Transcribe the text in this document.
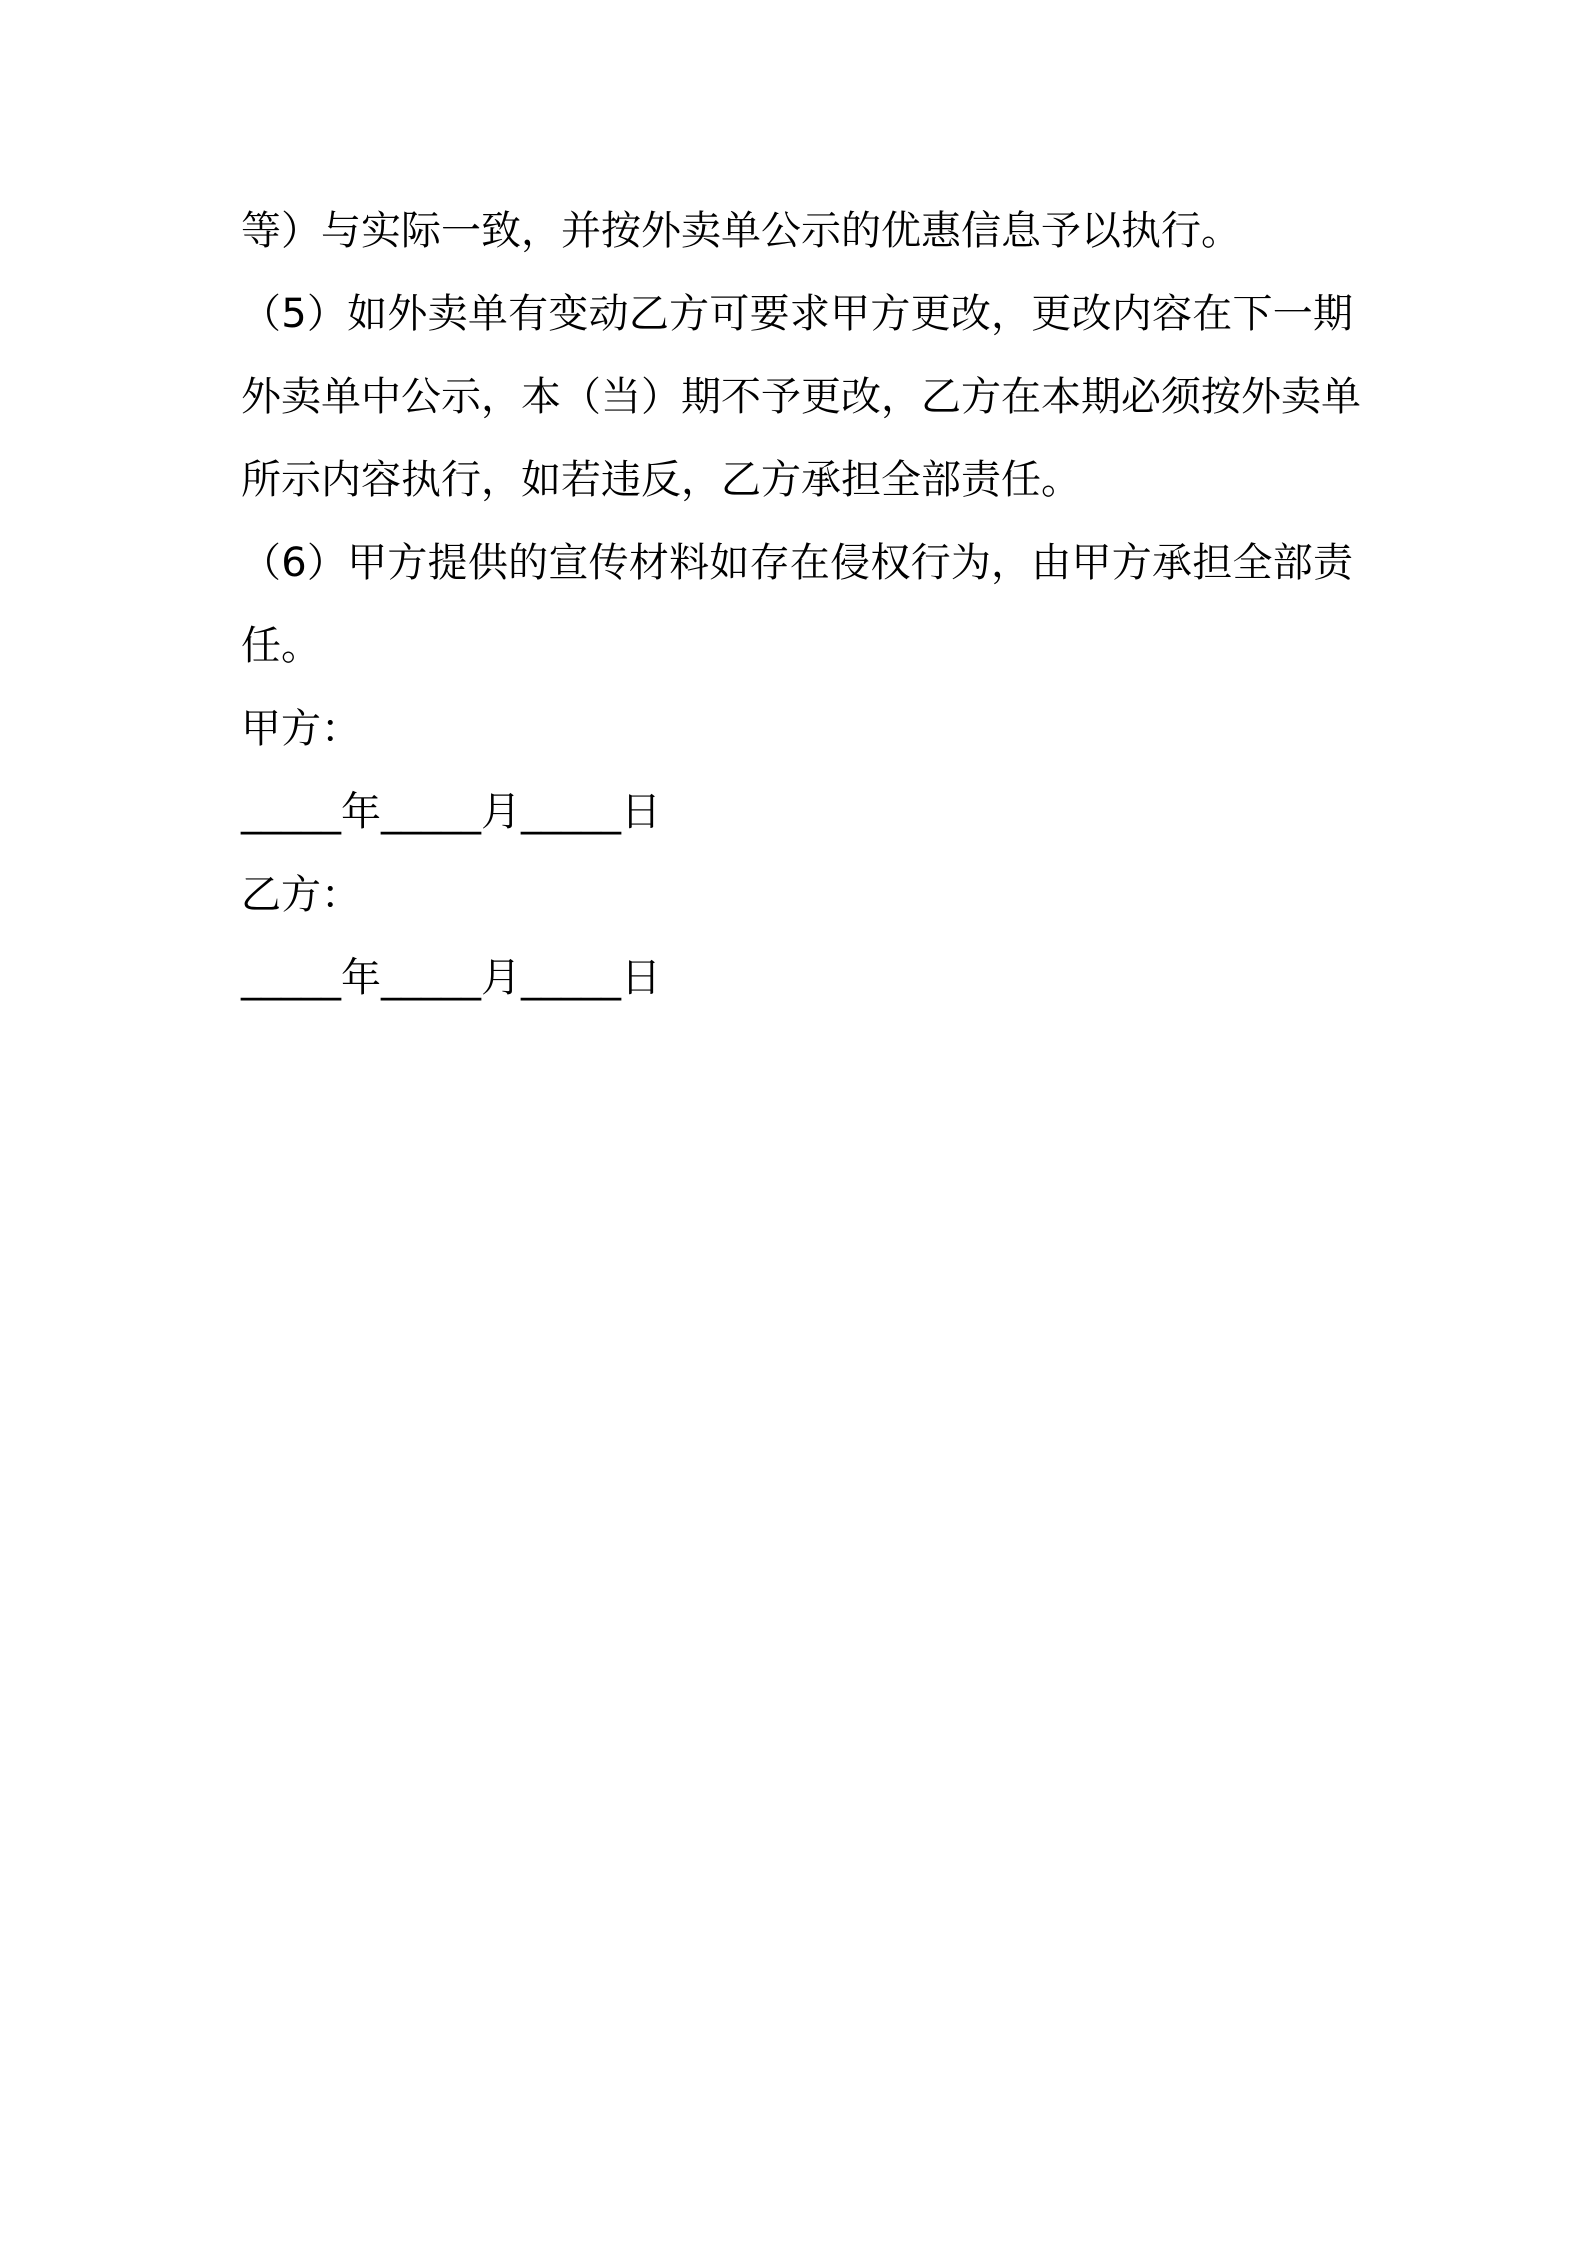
等）与实际一致，并按外卖单公示的优惠信息予以执行。
（5）如外卖单有变动乙方可要求甲方更改，更改内容在下一期
外卖单中公示，本（当）期不予更改，乙方在本期必须按外卖单
所示内容执行，如若违反，乙方承担全部责任。
（6）甲方提供的宣传材料如存在侵权行为，由甲方承担全部责
任。
甲方：
_____年_____月_____日
乙方：
_____年_____月_____日
